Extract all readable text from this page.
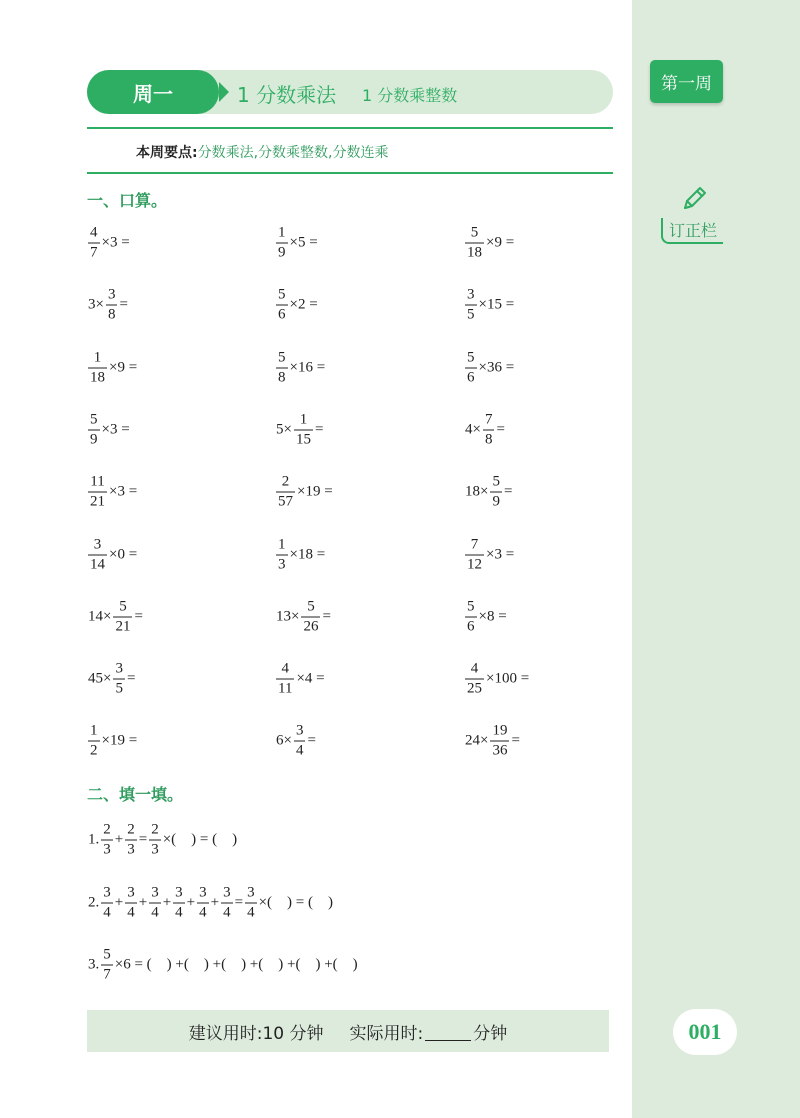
第一周
订正栏
001
周一	1 分数乘法 1 分数乘整数
本周要点:分数乘法,分数乘整数,分数连乘
一、口算。
$\frac{4}{7} \times 3$ =	$\frac{1}{9} \times 5$ =	$\frac{5}{18} \times 9$ =
$3\times \frac{3}{8}$ =	$\frac{5}{6} \times 2$ =	$\frac{3}{5} \times 15$ =
$\frac{1}{18} \times 9$ =	$\frac{5}{8} \times 16$ =	$\frac{5}{6} \times 36$ =
$\frac{5}{9} \times 3$ =	$5\times \frac{1}{15}$ =	$4\times \frac{7}{8}$ =
$\frac{11}{21} \times 3$ =	$\frac{2}{57} \times 19$ =	$18\times \frac{5}{9}$ =
$\frac{3}{14} \times 0$ =	$\frac{1}{3} \times 18$ =	$\frac{7}{12} \times 3$ =
$14\times \frac{5}{21}$ =	$13\times \frac{5}{26}$ =	$\frac{5}{6} \times 8$ =
$45\times \frac{3}{5}$ =	$\frac{4}{11} \times 4$ =	$\frac{4}{25} \times 100$ =
$\frac{1}{2} \times 19$ =	$6\times \frac{3}{4}$ =	$24\times \frac{19}{36}$ =
二、填一填。
1. $\frac{2}{3} + \frac{2}{3} = \frac{2}{3}$ ×(    ) = (    )
2. $\frac{3}{4} + \frac{3}{4} + \frac{3}{4} + \frac{3}{4} + \frac{3}{4} + \frac{3}{4} = \frac{3}{4}$ ×(    ) = (    )
3. $\frac{5}{7} \times 6$ = (    ) +(    ) +(    ) +(    ) +(    ) +(    )
建议用时: 10 分钟 实际用时:	分钟
